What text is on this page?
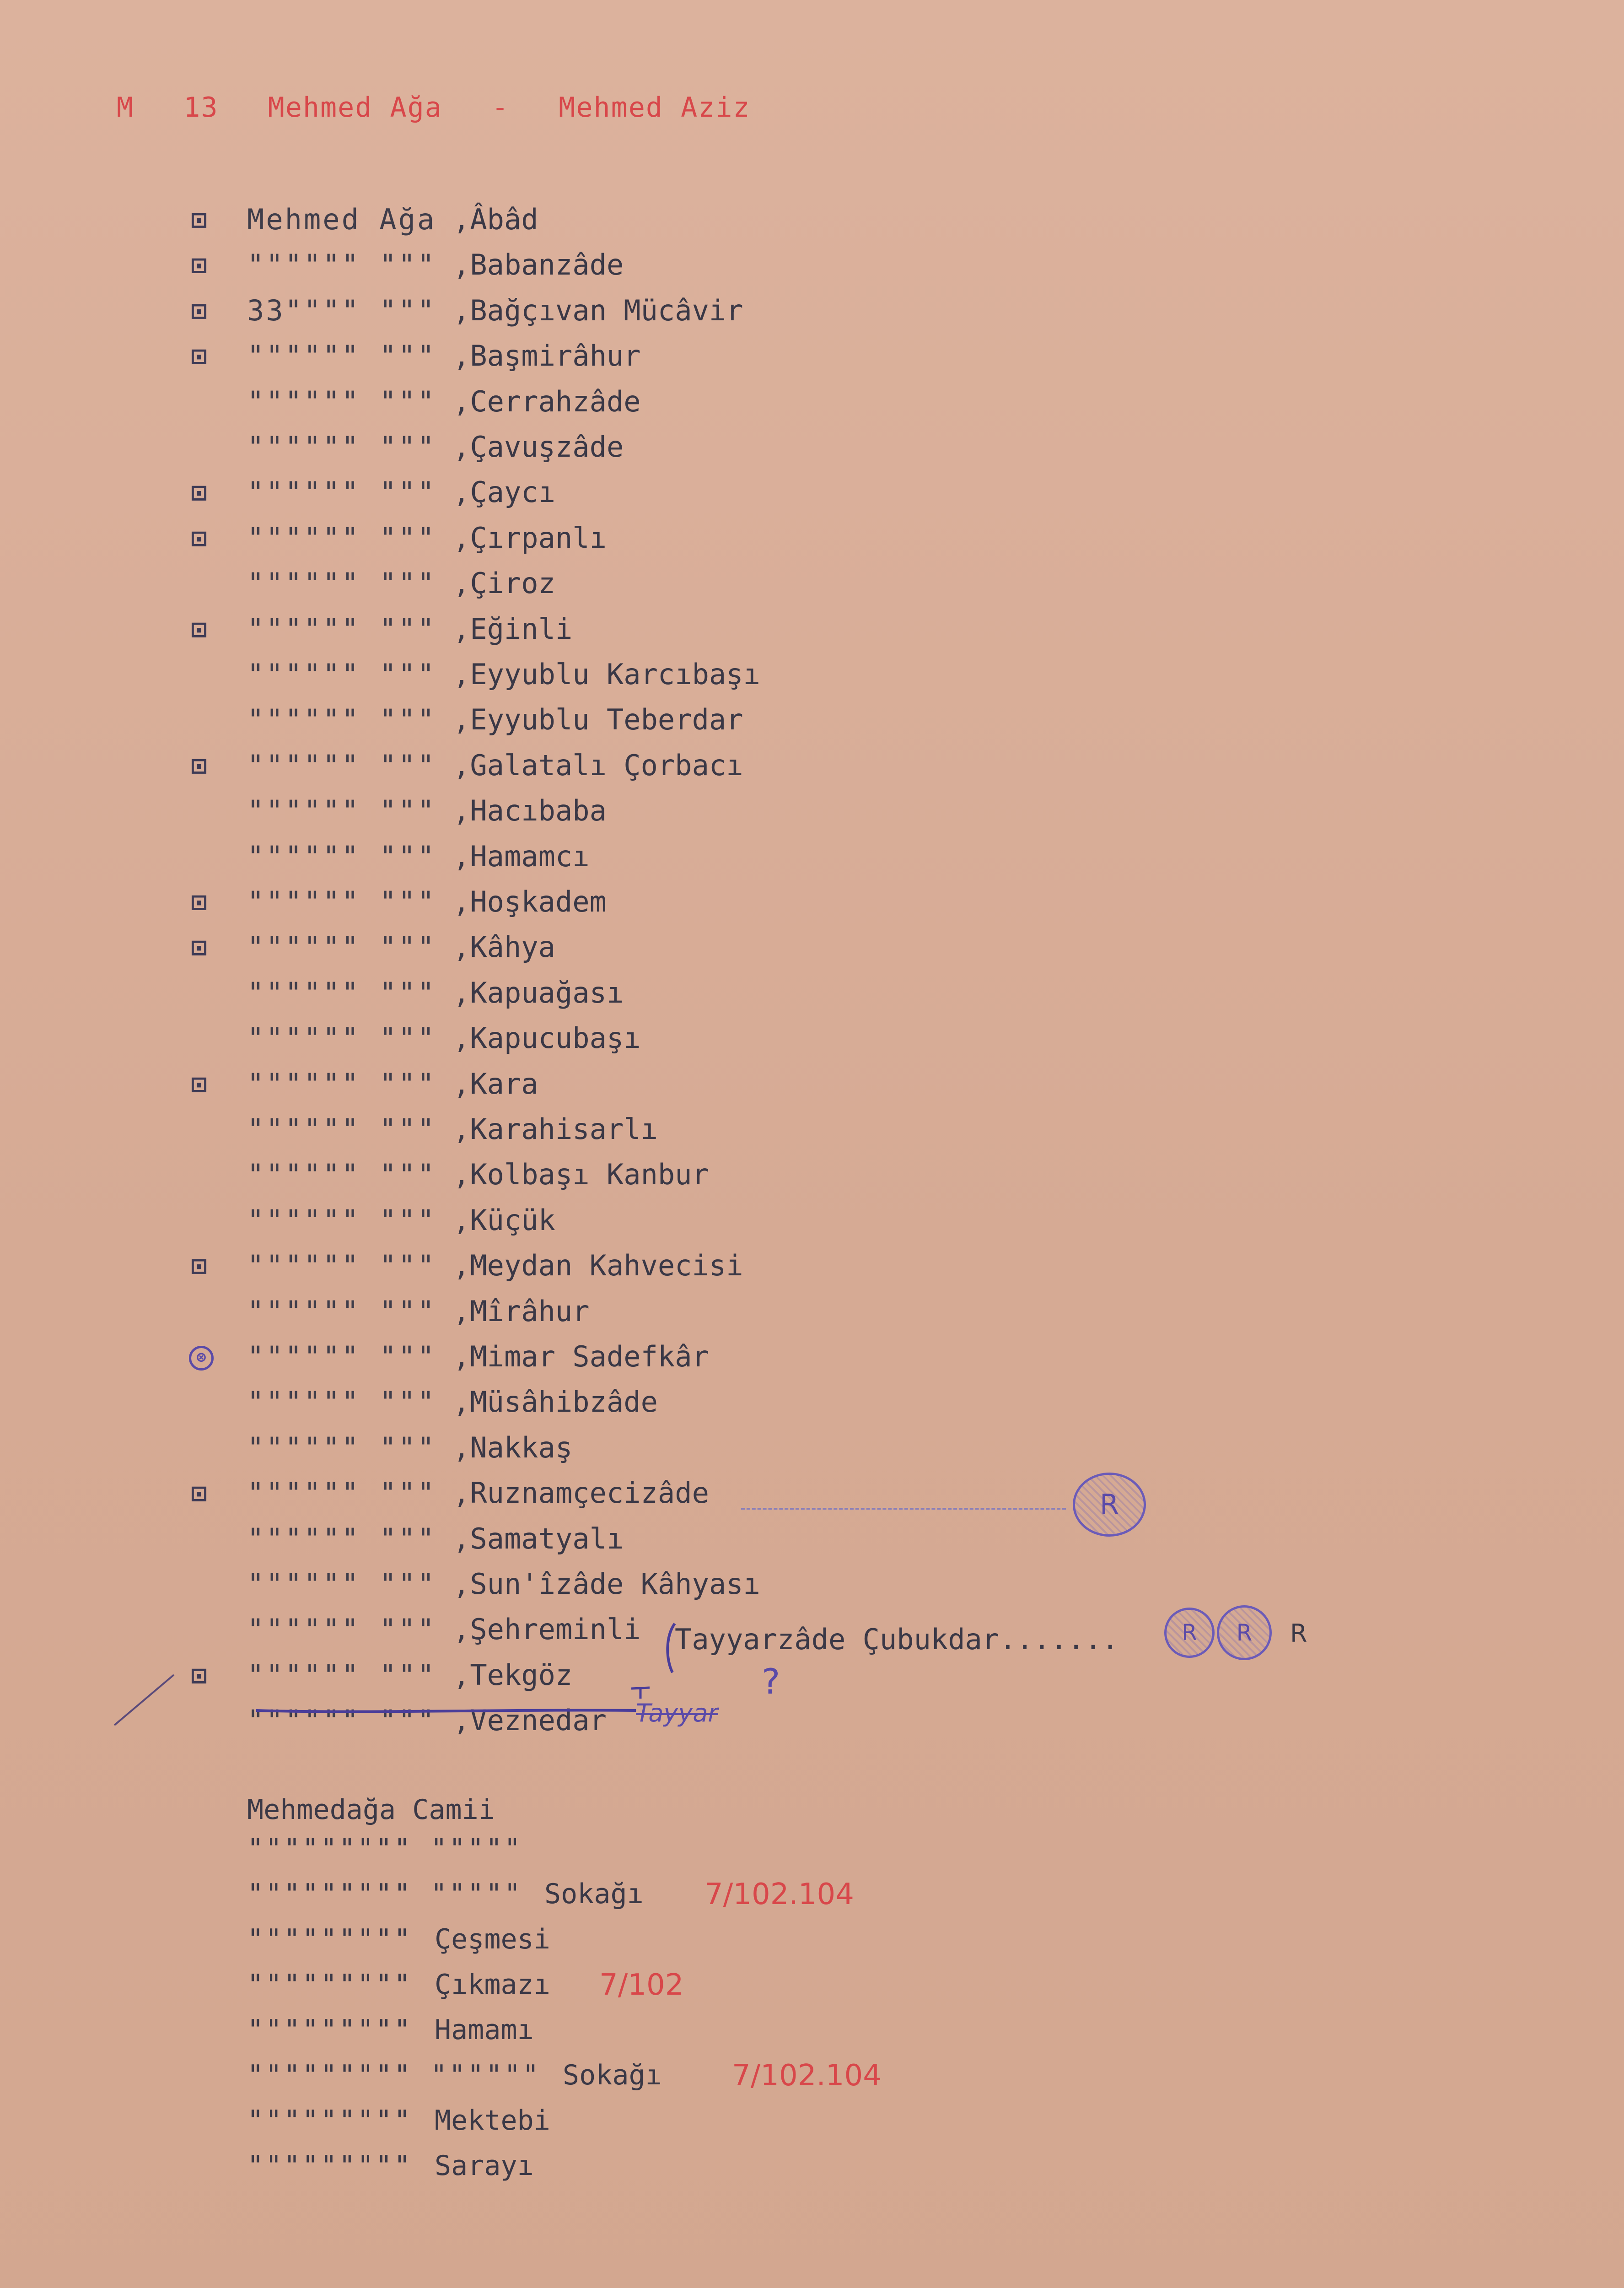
M 13 Mehmed Ağa - Mehmed Aziz
⊡ Mehmed Ağa ,Âbâd
⊡ """""" """ ,Babanzâde
⊡ 33"""" """ ,Bağçıvan Mücâvir
⊡ """""" """ ,Başmirâhur
"""""" """ ,Cerrahzâde
"""""" """ ,Çavuşzâde
⊡ """""" """ ,Çaycı
⊡ """""" """ ,Çırpanlı
"""""" """ ,Çiroz
⊡ """""" """ ,Eğinli
"""""" """ ,Eyyublu Karcıbaşı
"""""" """ ,Eyyublu Teberdar
⊡ """""" """ ,Galatalı Çorbacı
"""""" """ ,Hacıbaba
"""""" """ ,Hamamcı
⊡ """""" """ ,Hoşkadem
⊡ """""" """ ,Kâhya
"""""" """ ,Kapuağası
"""""" """ ,Kapucubaşı
⊡ """""" """ ,Kara
"""""" """ ,Karahisarlı
"""""" """ ,Kolbaşı Kanbur
"""""" """ ,Küçük
⊡ """""" """ ,Meydan Kahvecisi
"""""" """ ,Mîrâhur
⊗ """""" """ ,Mimar Sadefkâr
"""""" """ ,Müsâhibzâde
"""""" """ ,Nakkaş
⊡ """""" """ ,Ruznamçecizâde
"""""" """ ,Samatyalı
"""""" """ ,Sun'îzâde Kâhyası
"""""" """ ,Şehreminli
⊡ """""" """ ,Tekgöz
"""""" """ ,Veznedar
R
Tayyarzâde Çubukdar.......	R	R	R
?
Tayyar
Mehmedağa Camii
""""""""" """""
""""""""" """"" Sokağı 7/102.104
""""""""" Çeşmesi
""""""""" Çıkmazı 7/102
""""""""" Hamamı
""""""""" """""" Sokağı 7/102.104
""""""""" Mektebi
""""""""" Sarayı
